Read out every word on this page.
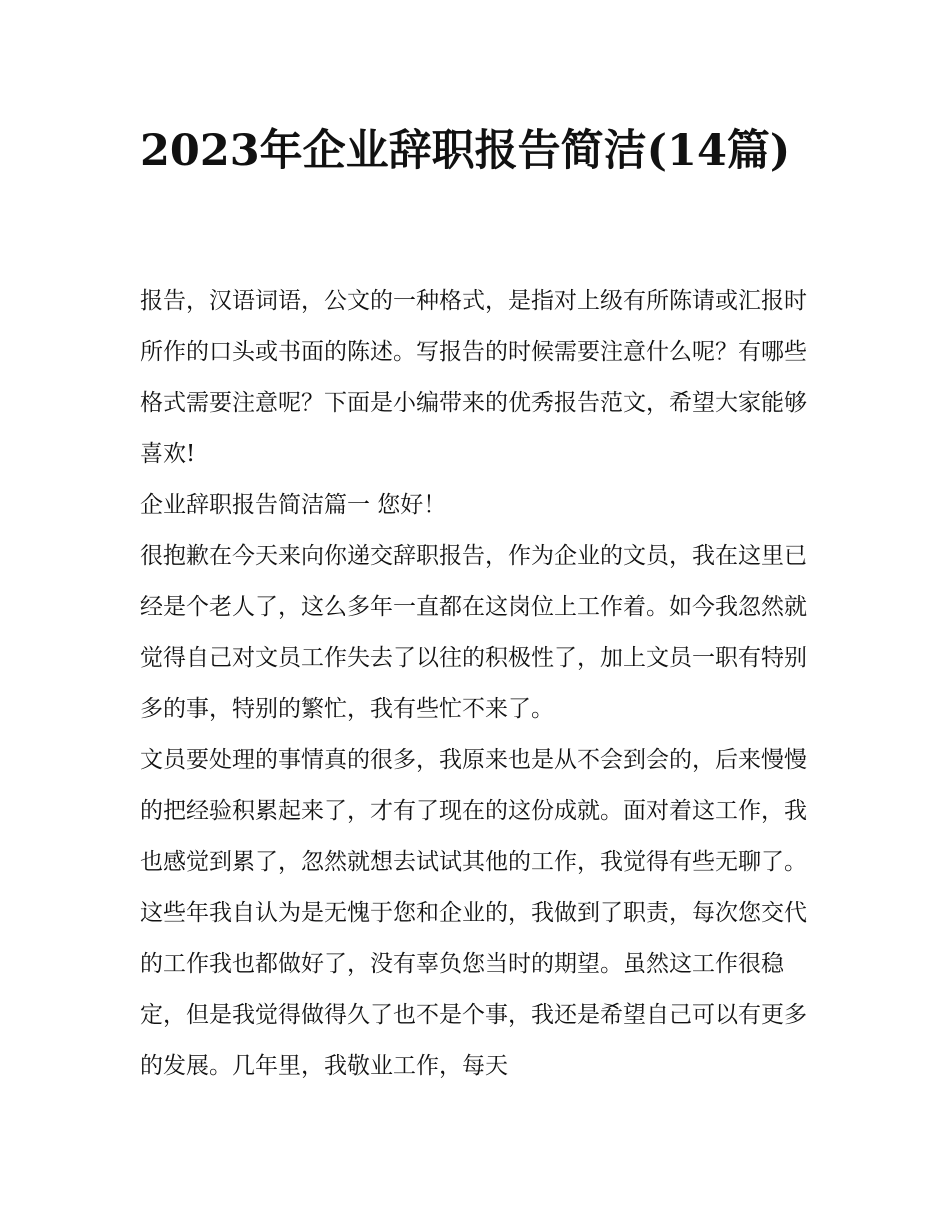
2023年企业辞职报告简洁(14篇)

报告，汉语词语，公文的一种格式，是指对上级有所陈请或汇报时所作的口头或书面的陈述。写报告的时候需要注意什么呢？有哪些格式需要注意呢？下面是小编带来的优秀报告范文，希望大家能够喜欢!

企业辞职报告简洁篇一 您好！

很抱歉在今天来向你递交辞职报告，作为企业的文员，我在这里已经是个老人了，这么多年一直都在这岗位上工作着。如今我忽然就觉得自己对文员工作失去了以往的积极性了，加上文员一职有特别多的事，特别的繁忙，我有些忙不来了。

文员要处理的事情真的很多，我原来也是从不会到会的，后来慢慢的把经验积累起来了，才有了现在的这份成就。面对着这工作，我也感觉到累了，忽然就想去试试其他的工作，我觉得有些无聊了。这些年我自认为是无愧于您和企业的，我做到了职责，每次您交代的工作我也都做好了，没有辜负您当时的期望。虽然这工作很稳定，但是我觉得做得久了也不是个事，我还是希望自己可以有更多的发展。几年里，我敬业工作，每天
